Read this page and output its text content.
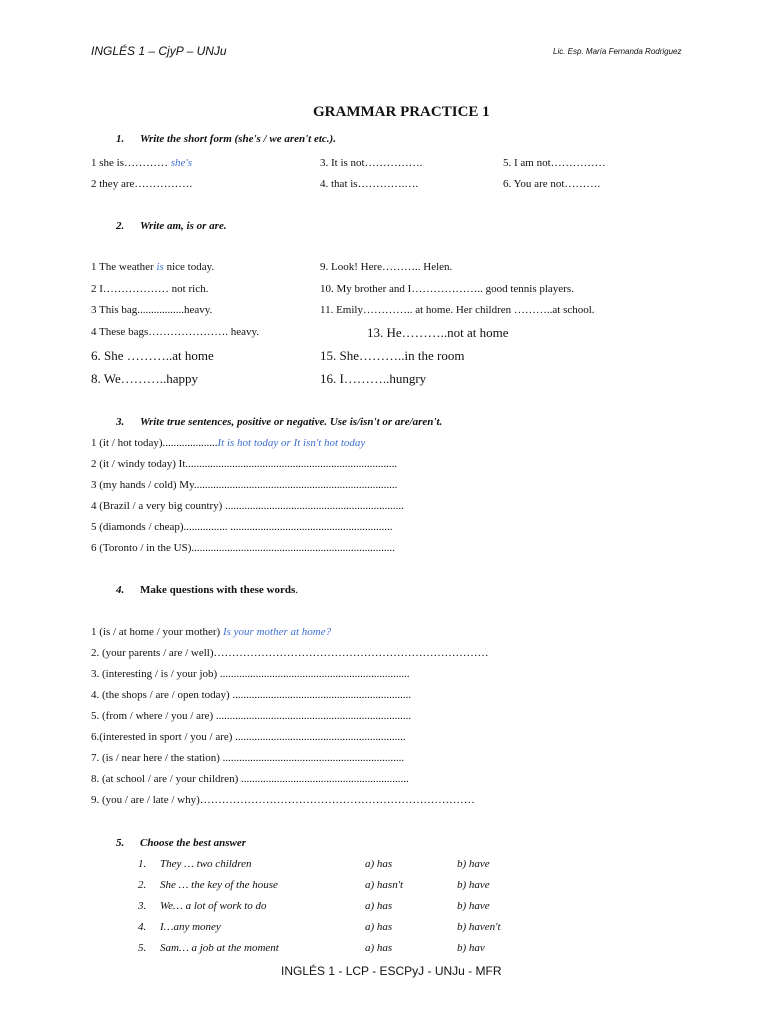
INGLÉS 1 – CjyP – UNJu	Lic. Esp. María Fernanda Rodriguez
GRAMMAR PRACTICE 1
1. Write the short form (she's / we aren't etc.).
1 she is………… she's	3. It is not…………….	5. I am not……………
2 they are…………….	4. that is………….….	6. You are not……….
2. Write am, is or are.
1 The weather is nice today.	9. Look! Here……….. Helen.
2 I……………… not rich.	10. My brother and I……………….. good tennis players.
3 This bag.................heavy.	11. Emily………….. at home. Her children ………..at school.
4 These bags…………………. heavy.	13. He………..not at home
6. She ………..at home	15. She………..in the room
8. We………..happy	16. I………..hungry
3. Write true sentences, positive or negative. Use is/isn't or are/aren't.
1 (it / hot today)....................It is hot today or It isn't hot today
2 (it / windy today) It.............................................................................
3 (my hands / cold) My..........................................................................
4 (Brazil / a very big country) .................................................................
5 (diamonds / cheap)................ ...........................................................
6 (Toronto / in the US)..........................................................................
4. Make questions with these words.
1 (is / at home / your mother) Is your mother at home?
2. (your parents / are / well)…………………………………………………………………
3. (interesting / is / your job) .....................................................................
4. (the shops / are / open today) .................................................................
5. (from / where / you / are) .......................................................................
6.(interested in sport / you / are) ..............................................................
7. (is / near here / the station) ..................................................................
8. (at school / are / your children) .............................................................
9. (you / are / late / why)…………………………………………………………………
5. Choose the best answer
1. They … two children	a) has	b) have
2. She … the key of the house	a) hasn't	b) have
3. We… a lot of work to do	a) has	b) have
4. I…any money	a) has	b) haven't
5. Sam… a job at the moment	a) has	b) hav
INGLÉS 1 - LCP - ESCPyJ - UNJu - MFR
